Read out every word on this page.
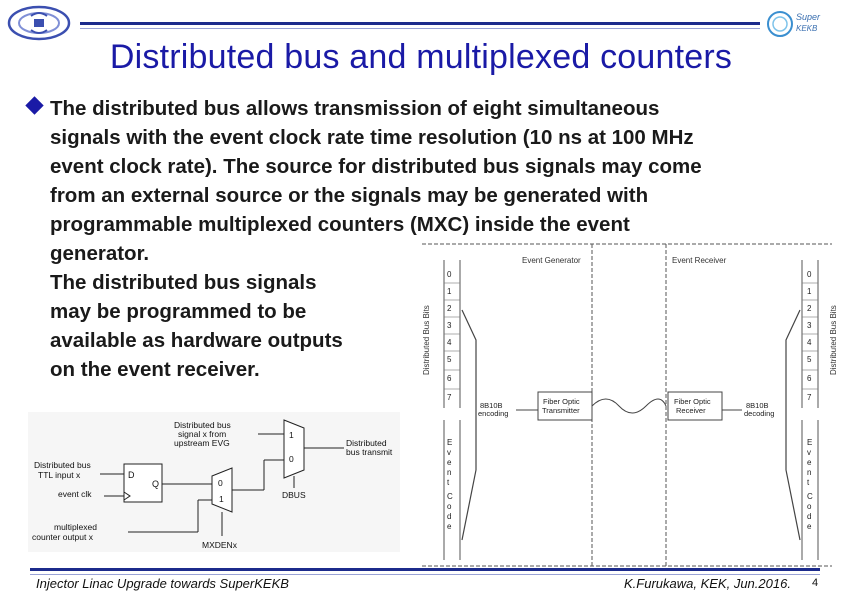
Super
KEKB
Distributed bus and multiplexed counters
The distributed bus allows transmission of eight simultaneous
signals with the event clock rate time resolution (10 ns at 100 MHz
event clock rate). The source for distributed bus signals may come
from an external source or the signals may be generated with
programmable multiplexed counters (MXC) inside the event
generator.
The distributed bus signals
may be programmed to be
available as hardware outputs
on the event receiver.
Event Generator	Event Receiver
Distributed Bus Bits	Distributed Bus Bits
0
1
2
3
4
5
6
7
E
v
e
n
t
C
o
d
e
8B10B
encoding
Fiber Optic
Transmitter
Fiber Optic
Receiver
8B10B
decoding
0
1
2
3
4
5
6
7
E
v
e
n
t
C
o
d
e
Distributed bus
signal x from
upstream EVG
Distributed bus
TTL input x
event clk
multiplexed
counter output x
D
Q	0
1
MXDENx
1
0
DBUS
Distributed
bus transmit
Injector Linac Upgrade towards SuperKEKB	K.Furukawa, KEK, Jun.2016. 4
